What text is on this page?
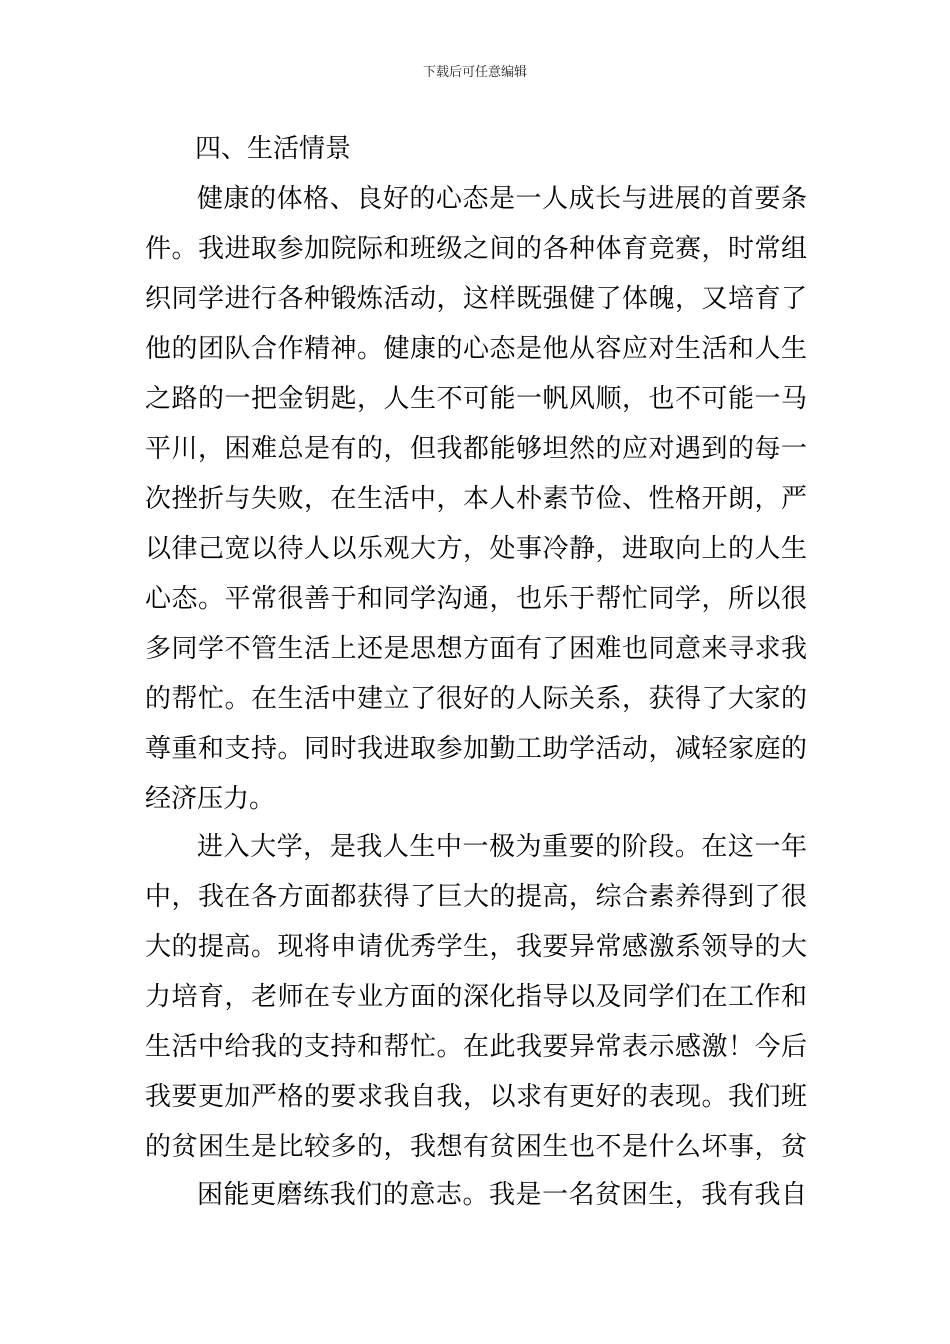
下载后可任意编辑
四、生活情景
健康的体格、良好的心态是一人成长与进展的首要条
件。我进取参加院际和班级之间的各种体育竞赛，时常组
织同学进行各种锻炼活动，这样既强健了体魄，又培育了
他的团队合作精神。健康的心态是他从容应对生活和人生
之路的一把金钥匙，人生不可能一帆风顺，也不可能一马
平川，困难总是有的，但我都能够坦然的应对遇到的每一
次挫折与失败，在生活中，本人朴素节俭、性格开朗，严
以律己宽以待人以乐观大方，处事冷静，进取向上的人生
心态。平常很善于和同学沟通，也乐于帮忙同学，所以很
多同学不管生活上还是思想方面有了困难也同意来寻求我
的帮忙。在生活中建立了很好的人际关系，获得了大家的
尊重和支持。同时我进取参加勤工助学活动，减轻家庭的
经济压力。
进入大学，是我人生中一极为重要的阶段。在这一年
中，我在各方面都获得了巨大的提高，综合素养得到了很
大的提高。现将申请优秀学生，我要异常感激系领导的大
力培育，老师在专业方面的深化指导以及同学们在工作和
生活中给我的支持和帮忙。在此我要异常表示感激！今后
我要更加严格的要求我自我，以求有更好的表现。我们班
的贫困生是比较多的，我想有贫困生也不是什么坏事，贫
困能更磨练我们的意志。我是一名贫困生，我有我自
